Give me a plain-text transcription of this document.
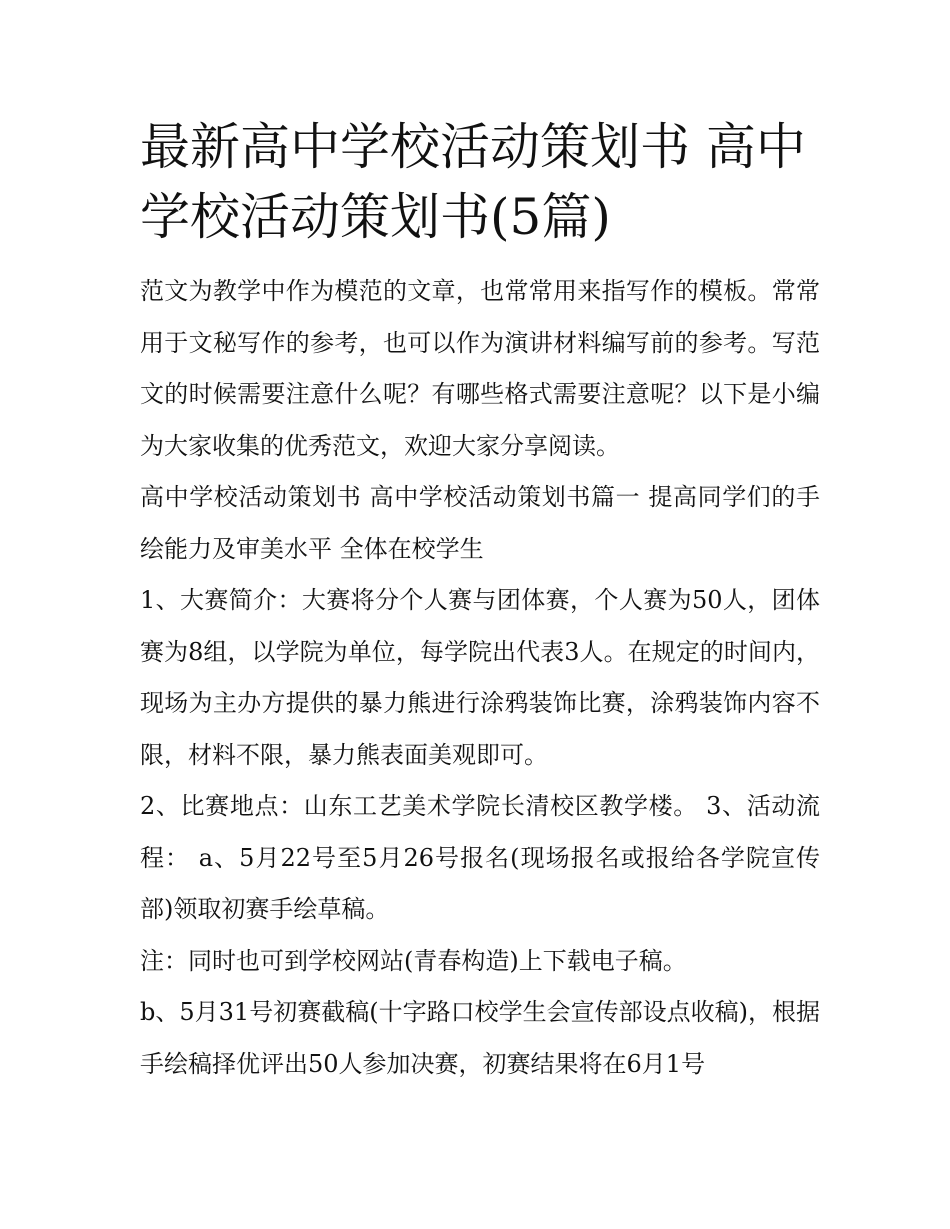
最新高中学校活动策划书 高中学校活动策划书(5篇)

范文为教学中作为模范的文章，也常常用来指写作的模板。常常用于文秘写作的参考，也可以作为演讲材料编写前的参考。写范文的时候需要注意什么呢？有哪些格式需要注意呢？以下是小编为大家收集的优秀范文，欢迎大家分享阅读。

高中学校活动策划书 高中学校活动策划书篇一 提高同学们的手绘能力及审美水平 全体在校学生

1、大赛简介：大赛将分个人赛与团体赛，个人赛为50人，团体赛为8组，以学院为单位，每学院出代表3人。在规定的时间内，现场为主办方提供的暴力熊进行涂鸦装饰比赛，涂鸦装饰内容不限，材料不限，暴力熊表面美观即可。

2、比赛地点：山东工艺美术学院长清校区教学楼。 3、活动流程： a、5月22号至5月26号报名(现场报名或报给各学院宣传部)领取初赛手绘草稿。

注：同时也可到学校网站(青春构造)上下载电子稿。

b、5月31号初赛截稿(十字路口校学生会宣传部设点收稿)，根据手绘稿择优评出50人参加决赛，初赛结果将在6月1号
